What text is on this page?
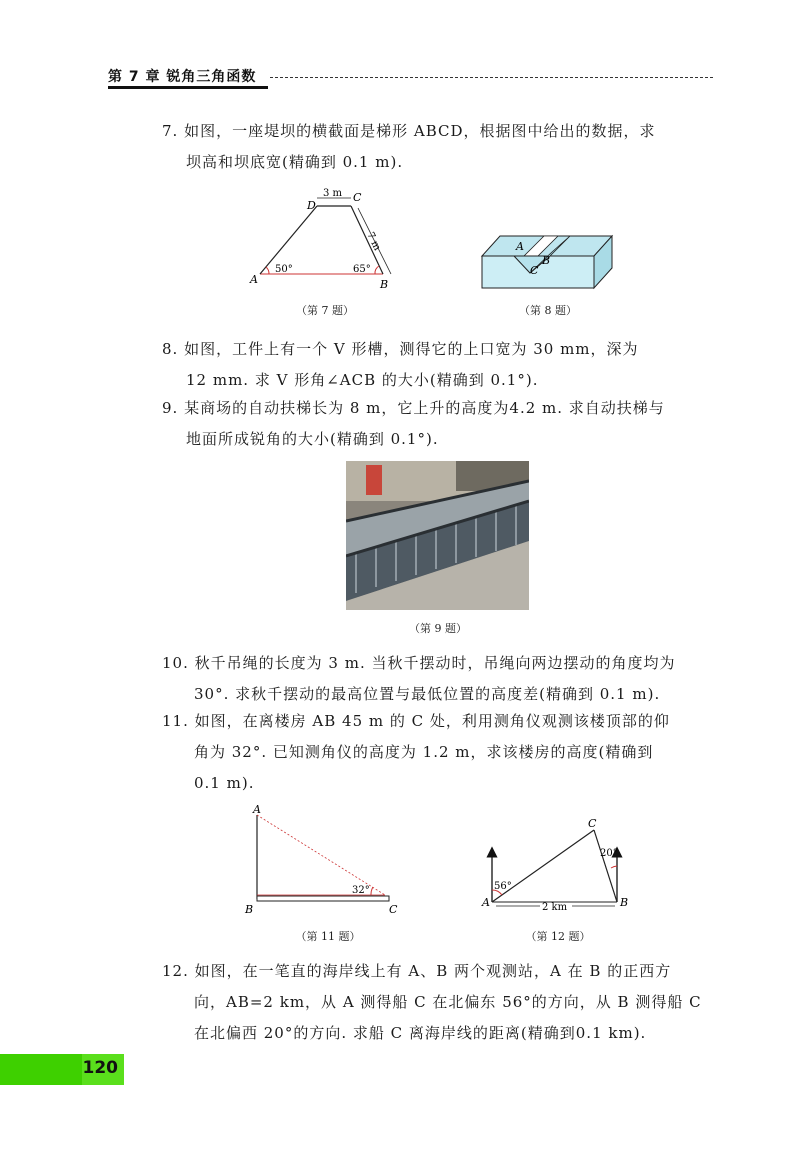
第 7 章 锐角三角函数

7. 如图，一座堤坝的横截面是梯形 ABCD，根据图中给出的数据，求

坝高和坝底宽(精确到 0.1 m).

3 m
7 m
50°	65°
A	B
C
D
（第 7 题）
A
B
C
（第 8 题）

8. 如图，工件上有一个 V 形槽，测得它的上口宽为 30 mm，深为

12 mm. 求 V 形角∠ACB 的大小(精确到 0.1°).

9. 某商场的自动扶梯长为 8 m，它上升的高度为4.2 m. 求自动扶梯与

地面所成锐角的大小(精确到 0.1°).

（第 9 题）

10. 秋千吊绳的长度为 3 m. 当秋千摆动时，吊绳向两边摆动的角度均为

30°. 求秋千摆动的最高位置与最低位置的高度差(精确到 0.1 m).

11. 如图，在离楼房 AB 45 m 的 C 处，利用测角仪观测该楼顶部的仰

角为 32°. 已知测角仪的高度为 1.2 m，求该楼房的高度(精确到

0.1 m).

32°
A
B	C
（第 11 题）
56°
20°
2 km
A	B
C
（第 12 题）

12. 如图，在一笔直的海岸线上有 A、B 两个观测站，A 在 B 的正西方

向，AB=2 km，从 A 测得船 C 在北偏东 56°的方向，从 B 测得船 C

在北偏西 20°的方向. 求船 C 离海岸线的距离(精确到0.1 km).

120
